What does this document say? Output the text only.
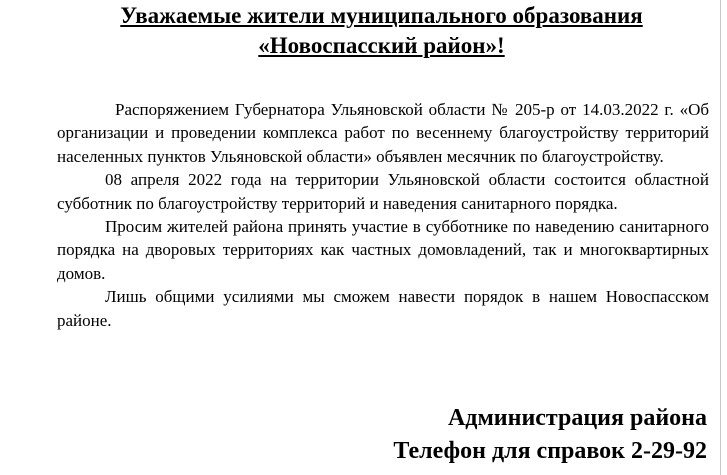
Уважаемые жители муниципального образования
«Новоспасский район»!

Распоряжением Губернатора Ульяновской области № 205-р от 14.03.2022 г. «Об организации и проведении комплекса работ по весеннему благоустройству территорий населенных пунктов Ульяновской области» объявлен месячник по благоустройству.

08 апреля 2022 года на территории Ульяновской области состоится областной субботник по благоустройству территорий и наведения санитарного порядка.

Просим жителей района принять участие в субботнике по наведению санитарного порядка на дворовых территориях как частных домовладений, так и многоквартирных домов.

Лишь общими усилиями мы сможем навести порядок в нашем Новоспасском районе.

Администрация района
Телефон для справок 2-29-92
